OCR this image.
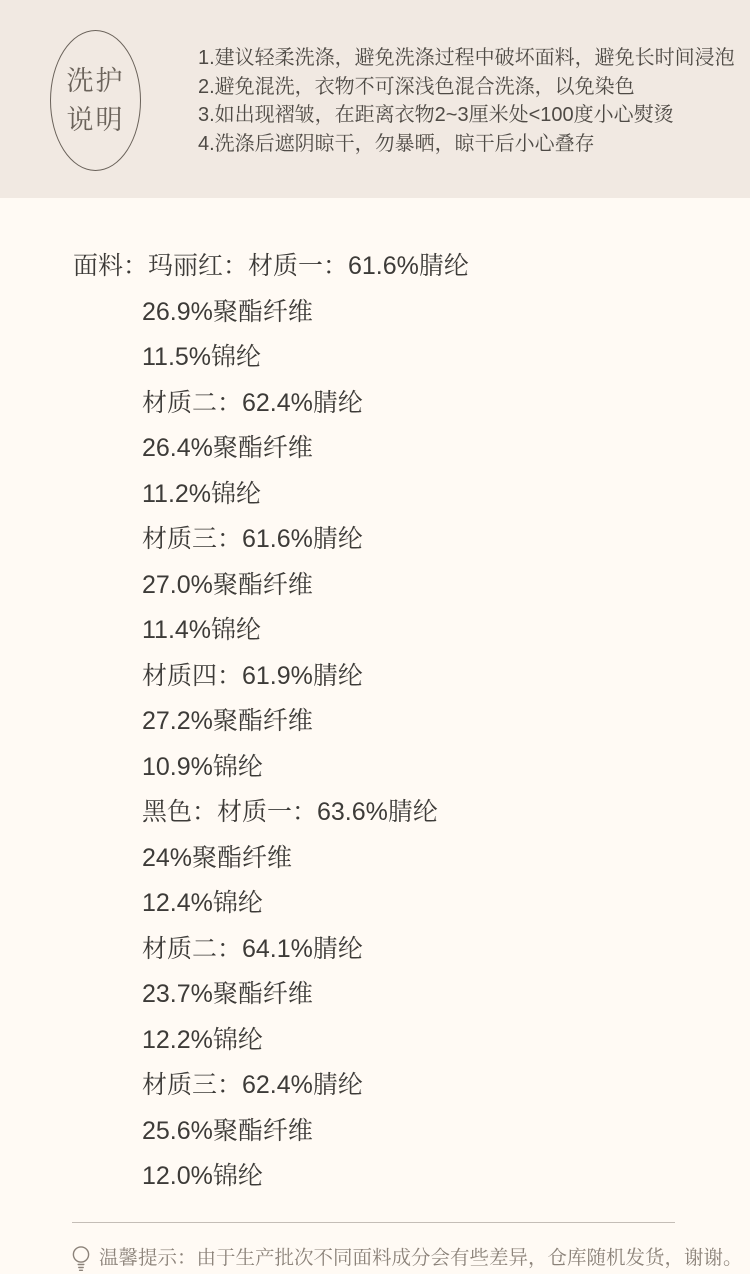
洗护
说明
1.建议轻柔洗涤，避免洗涤过程中破坏面料，避免长时间浸泡
2.避免混洗，衣物不可深浅色混合洗涤，以免染色
3.如出现褶皱，在距离衣物2~3厘米处<100度小心熨烫
4.洗涤后遮阴晾干，勿暴晒，晾干后小心叠存
面料：玛丽红：材质一：61.6%腈纶
26.9%聚酯纤维
11.5%锦纶
材质二：62.4%腈纶
26.4%聚酯纤维
11.2%锦纶
材质三：61.6%腈纶
27.0%聚酯纤维
11.4%锦纶
材质四：61.9%腈纶
27.2%聚酯纤维
10.9%锦纶
黑色：材质一：63.6%腈纶
24%聚酯纤维
12.4%锦纶
材质二：64.1%腈纶
23.7%聚酯纤维
12.2%锦纶
材质三：62.4%腈纶
25.6%聚酯纤维
12.0%锦纶
温馨提示：由于生产批次不同面料成分会有些差异，仓库随机发货，谢谢。
